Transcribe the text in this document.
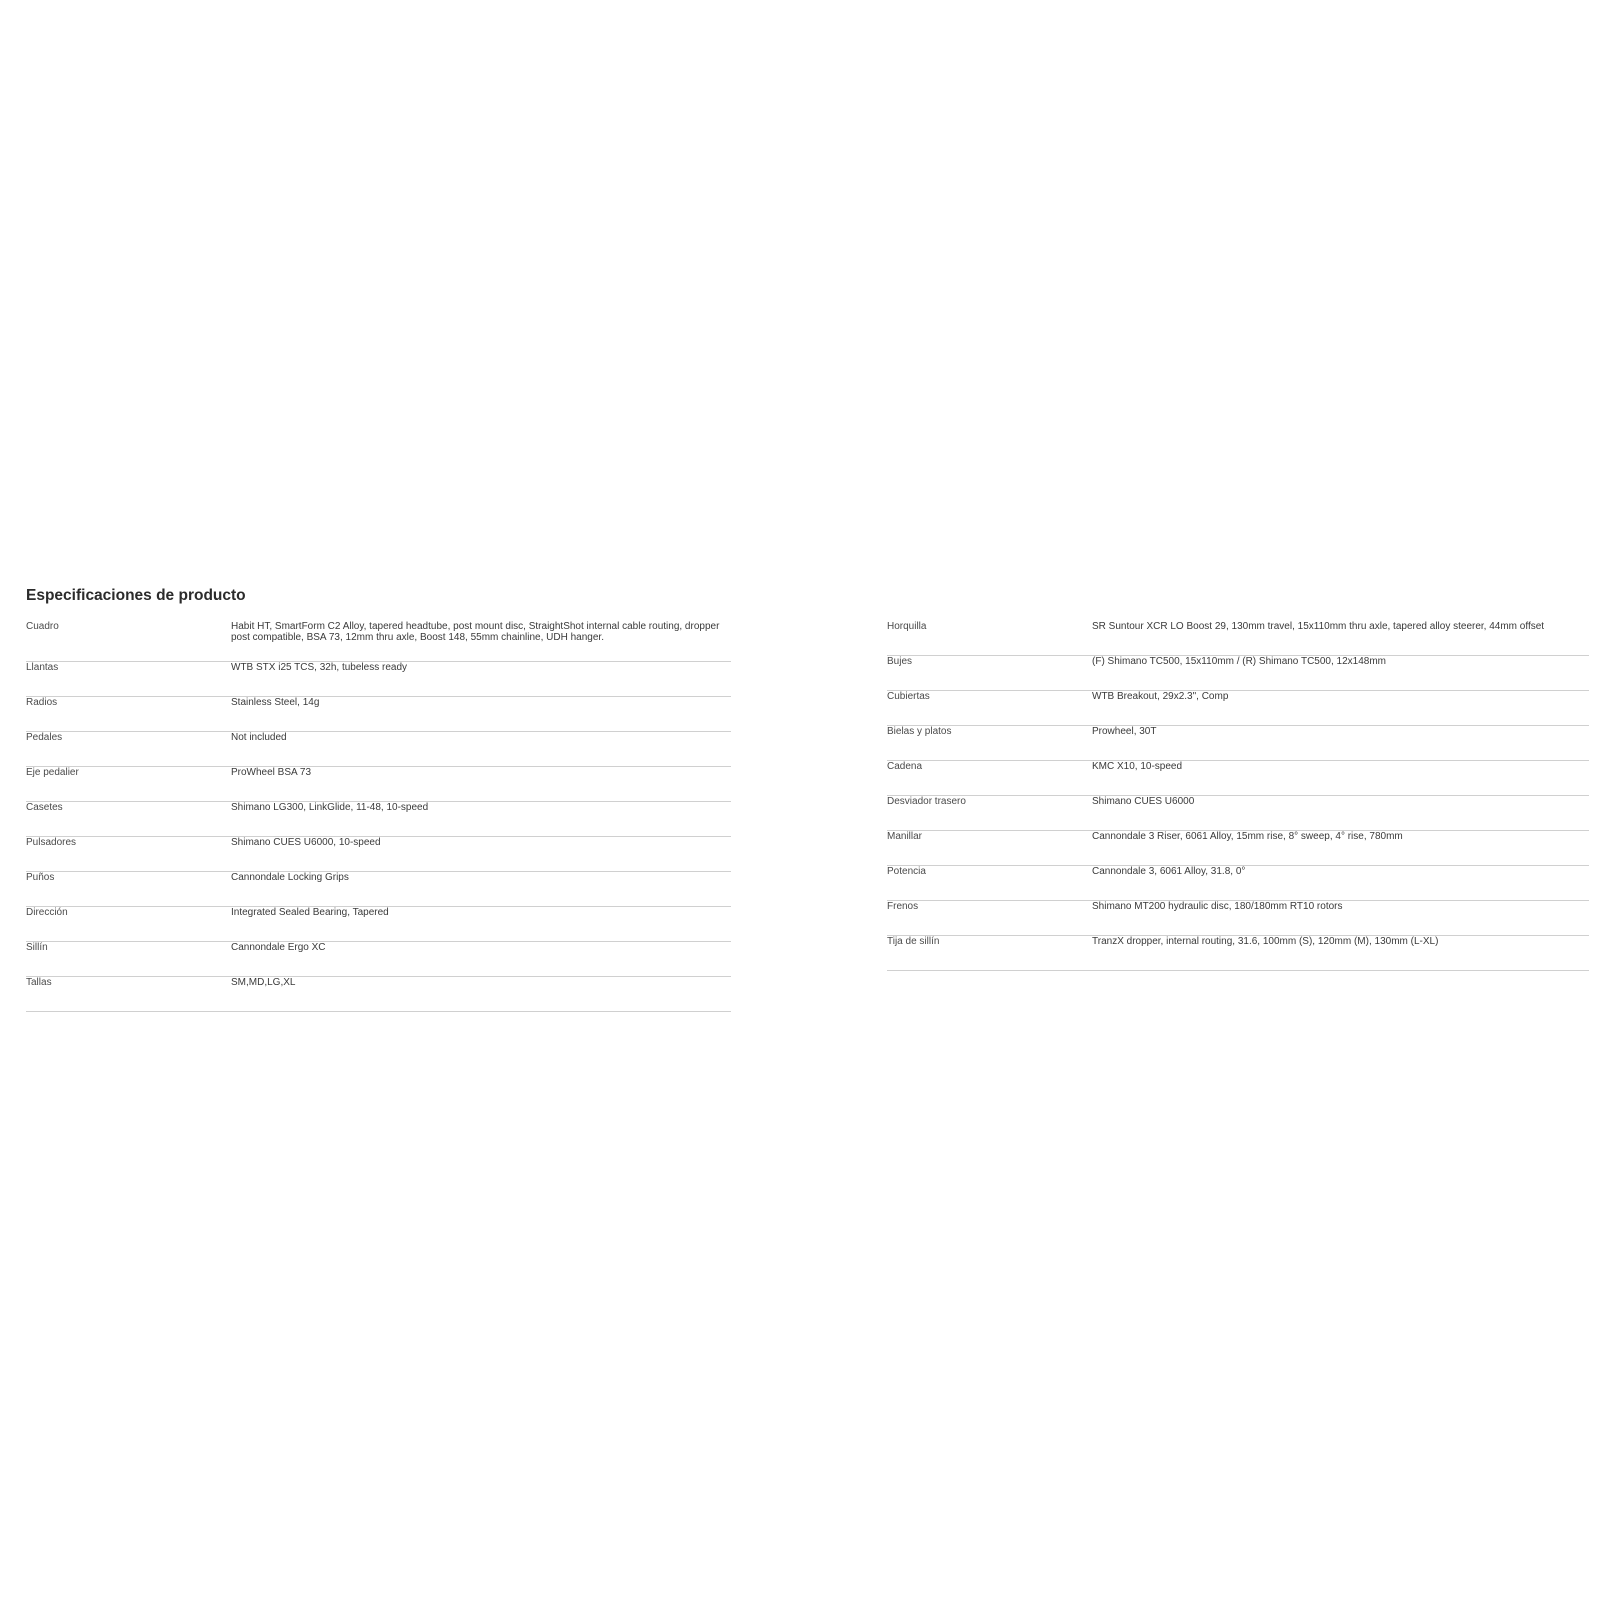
Especificaciones de producto
Cuadro	Habit HT, SmartForm C2 Alloy, tapered headtube, post mount disc, StraightShot internal cable routing, dropper post compatible, BSA 73, 12mm thru axle, Boost 148, 55mm chainline, UDH hanger.
Llantas	WTB STX i25 TCS, 32h, tubeless ready
Radios	Stainless Steel, 14g
Pedales	Not included
Eje pedalier	ProWheel BSA 73
Casetes	Shimano LG300, LinkGlide, 11-48, 10-speed
Pulsadores	Shimano CUES U6000, 10-speed
Puños	Cannondale Locking Grips
Dirección	Integrated Sealed Bearing, Tapered
Sillín	Cannondale Ergo XC
Tallas	SM,MD,LG,XL
Horquilla	SR Suntour XCR LO Boost 29, 130mm travel, 15x110mm thru axle, tapered alloy steerer, 44mm offset
Bujes	(F) Shimano TC500, 15x110mm / (R) Shimano TC500, 12x148mm
Cubiertas	WTB Breakout, 29x2.3", Comp
Bielas y platos	Prowheel, 30T
Cadena	KMC X10, 10-speed
Desviador trasero	Shimano CUES U6000
Manillar	Cannondale 3 Riser, 6061 Alloy, 15mm rise, 8° sweep, 4° rise, 780mm
Potencia	Cannondale 3, 6061 Alloy, 31.8, 0°
Frenos	Shimano MT200 hydraulic disc, 180/180mm RT10 rotors
Tija de sillín	TranzX dropper, internal routing, 31.6, 100mm (S), 120mm (M), 130mm (L-XL)
